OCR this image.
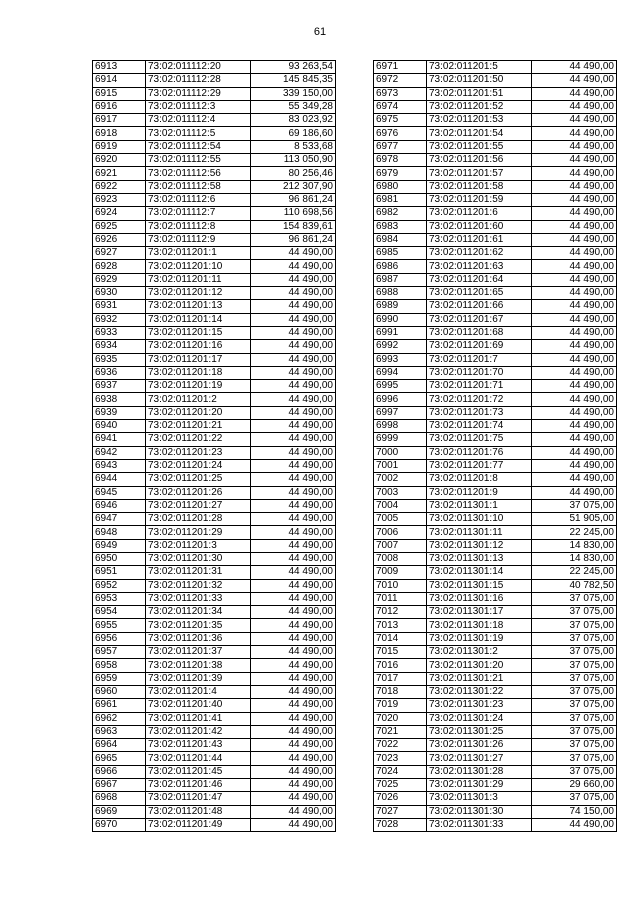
61
6913	73:02:011112:20	93 263,54
6914	73:02:011112:28	145 845,35
6915	73:02:011112:29	339 150,00
6916	73:02:011112:3	55 349,28
6917	73:02:011112:4	83 023,92
6918	73:02:011112:5	69 186,60
6919	73:02:011112:54	8 533,68
6920	73:02:011112:55	113 050,90
6921	73:02:011112:56	80 256,46
6922	73:02:011112:58	212 307,90
6923	73:02:011112:6	96 861,24
6924	73:02:011112:7	110 698,56
6925	73:02:011112:8	154 839,61
6926	73:02:011112:9	96 861,24
6927	73:02:011201:1	44 490,00
6928	73:02:011201:10	44 490,00
6929	73:02:011201:11	44 490,00
6930	73:02:011201:12	44 490,00
6931	73:02:011201:13	44 490,00
6932	73:02:011201:14	44 490,00
6933	73:02:011201:15	44 490,00
6934	73:02:011201:16	44 490,00
6935	73:02:011201:17	44 490,00
6936	73:02:011201:18	44 490,00
6937	73:02:011201:19	44 490,00
6938	73:02:011201:2	44 490,00
6939	73:02:011201:20	44 490,00
6940	73:02:011201:21	44 490,00
6941	73:02:011201:22	44 490,00
6942	73:02:011201:23	44 490,00
6943	73:02:011201:24	44 490,00
6944	73:02:011201:25	44 490,00
6945	73:02:011201:26	44 490,00
6946	73:02:011201:27	44 490,00
6947	73:02:011201:28	44 490,00
6948	73:02:011201:29	44 490,00
6949	73:02:011201:3	44 490,00
6950	73:02:011201:30	44 490,00
6951	73:02:011201:31	44 490,00
6952	73:02:011201:32	44 490,00
6953	73:02:011201:33	44 490,00
6954	73:02:011201:34	44 490,00
6955	73:02:011201:35	44 490,00
6956	73:02:011201:36	44 490,00
6957	73:02:011201:37	44 490,00
6958	73:02:011201:38	44 490,00
6959	73:02:011201:39	44 490,00
6960	73:02:011201:4	44 490,00
6961	73:02:011201:40	44 490,00
6962	73:02:011201:41	44 490,00
6963	73:02:011201:42	44 490,00
6964	73:02:011201:43	44 490,00
6965	73:02:011201:44	44 490,00
6966	73:02:011201:45	44 490,00
6967	73:02:011201:46	44 490,00
6968	73:02:011201:47	44 490,00
6969	73:02:011201:48	44 490,00
6970	73:02:011201:49	44 490,00
6971	73:02:011201:5	44 490,00
6972	73:02:011201:50	44 490,00
6973	73:02:011201:51	44 490,00
6974	73:02:011201:52	44 490,00
6975	73:02:011201:53	44 490,00
6976	73:02:011201:54	44 490,00
6977	73:02:011201:55	44 490,00
6978	73:02:011201:56	44 490,00
6979	73:02:011201:57	44 490,00
6980	73:02:011201:58	44 490,00
6981	73:02:011201:59	44 490,00
6982	73:02:011201:6	44 490,00
6983	73:02:011201:60	44 490,00
6984	73:02:011201:61	44 490,00
6985	73:02:011201:62	44 490,00
6986	73:02:011201:63	44 490,00
6987	73:02:011201:64	44 490,00
6988	73:02:011201:65	44 490,00
6989	73:02:011201:66	44 490,00
6990	73:02:011201:67	44 490,00
6991	73:02:011201:68	44 490,00
6992	73:02:011201:69	44 490,00
6993	73:02:011201:7	44 490,00
6994	73:02:011201:70	44 490,00
6995	73:02:011201:71	44 490,00
6996	73:02:011201:72	44 490,00
6997	73:02:011201:73	44 490,00
6998	73:02:011201:74	44 490,00
6999	73:02:011201:75	44 490,00
7000	73:02:011201:76	44 490,00
7001	73:02:011201:77	44 490,00
7002	73:02:011201:8	44 490,00
7003	73:02:011201:9	44 490,00
7004	73:02:011301:1	37 075,00
7005	73:02:011301:10	51 905,00
7006	73:02:011301:11	22 245,00
7007	73:02:011301:12	14 830,00
7008	73:02:011301:13	14 830,00
7009	73:02:011301:14	22 245,00
7010	73:02:011301:15	40 782,50
7011	73:02:011301:16	37 075,00
7012	73:02:011301:17	37 075,00
7013	73:02:011301:18	37 075,00
7014	73:02:011301:19	37 075,00
7015	73:02:011301:2	37 075,00
7016	73:02:011301:20	37 075,00
7017	73:02:011301:21	37 075,00
7018	73:02:011301:22	37 075,00
7019	73:02:011301:23	37 075,00
7020	73:02:011301:24	37 075,00
7021	73:02:011301:25	37 075,00
7022	73:02:011301:26	37 075,00
7023	73:02:011301:27	37 075,00
7024	73:02:011301:28	37 075,00
7025	73:02:011301:29	29 660,00
7026	73:02:011301:3	37 075,00
7027	73:02:011301:30	74 150,00
7028	73:02:011301:33	44 490,00
